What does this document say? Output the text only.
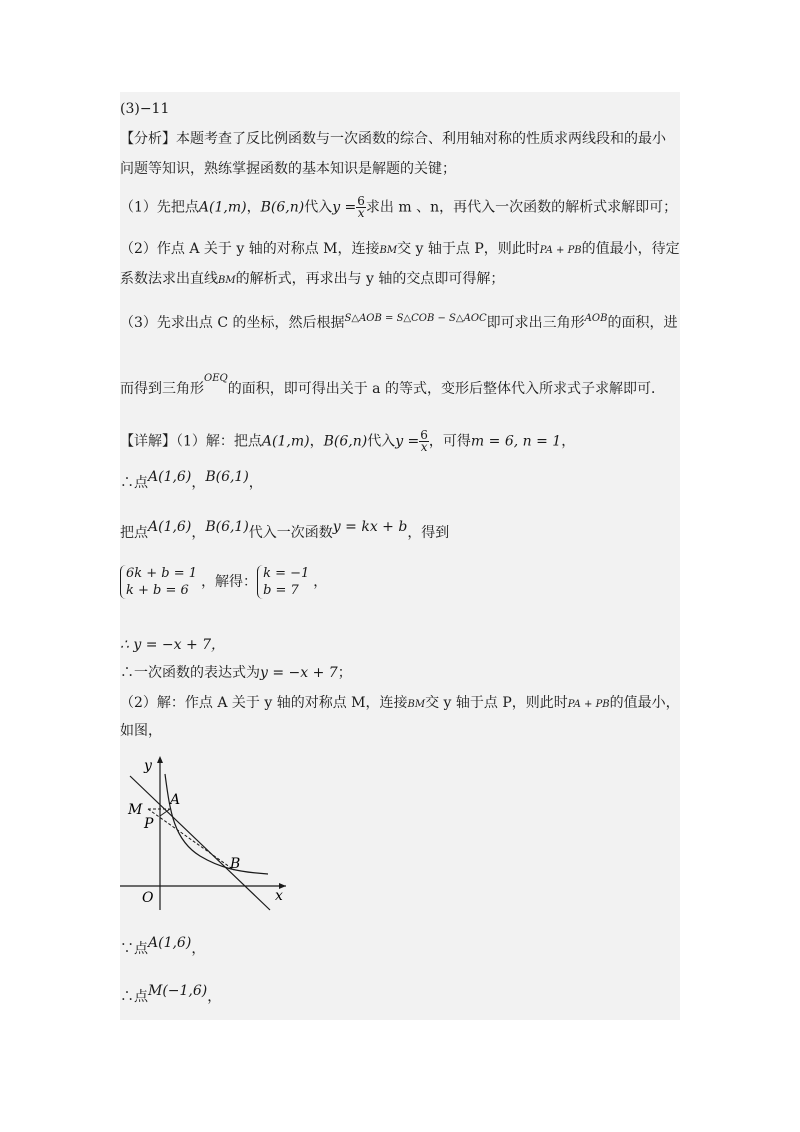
(3)−11
【分析】本题考查了反比例函数与一次函数的综合、利用轴对称的性质求两线段和的最小
问题等知识，熟练掌握函数的基本知识是解题的关键；
（1）先把点A(1,m)，B(6,n)代入$y = \frac{6}{x}$ 求出 m 、n，再代入一次函数的解析式求解即可；
（2）作点 A 关于 y 轴的对称点 M，连接BM交 y 轴于点 P，则此时PA + PB的值最小，待定
系数法求出直线BM的解析式，再求出与 y 轴的交点即可得解；
（3）先求出点 C 的坐标，然后根据$^{S\triangle AOB = S\triangle COB - S\triangle AOC}$即可求出三角形$^{AOB}$的面积，进
而得到三角形$^{OEQ}$的面积，即可得出关于 a 的等式，变形后整体代入所求式子求解即可．
【详解】（1）解：把点A(1,m)，B(6,n)代入$y = \frac{6}{x}$ ，可得m = 6, n = 1，
∴点A(1,6)，B(6,1)，
把点A(1,6)，B(6,1)代入一次函数y = kx + b，得到
6k + b = 1
k + b = 6
，解得：
k = −1
b = 7
，
∴ y = −x + 7，
∴一次函数的表达式为y = −x + 7；
（2）解：作点 A 关于 y 轴的对称点 M，连接BM交 y 轴于点 P，则此时PA + PB的值最小，
如图，
y
x
O
M
A
P
B
∵点A(1,6)，
∴点M(−1,6)，
